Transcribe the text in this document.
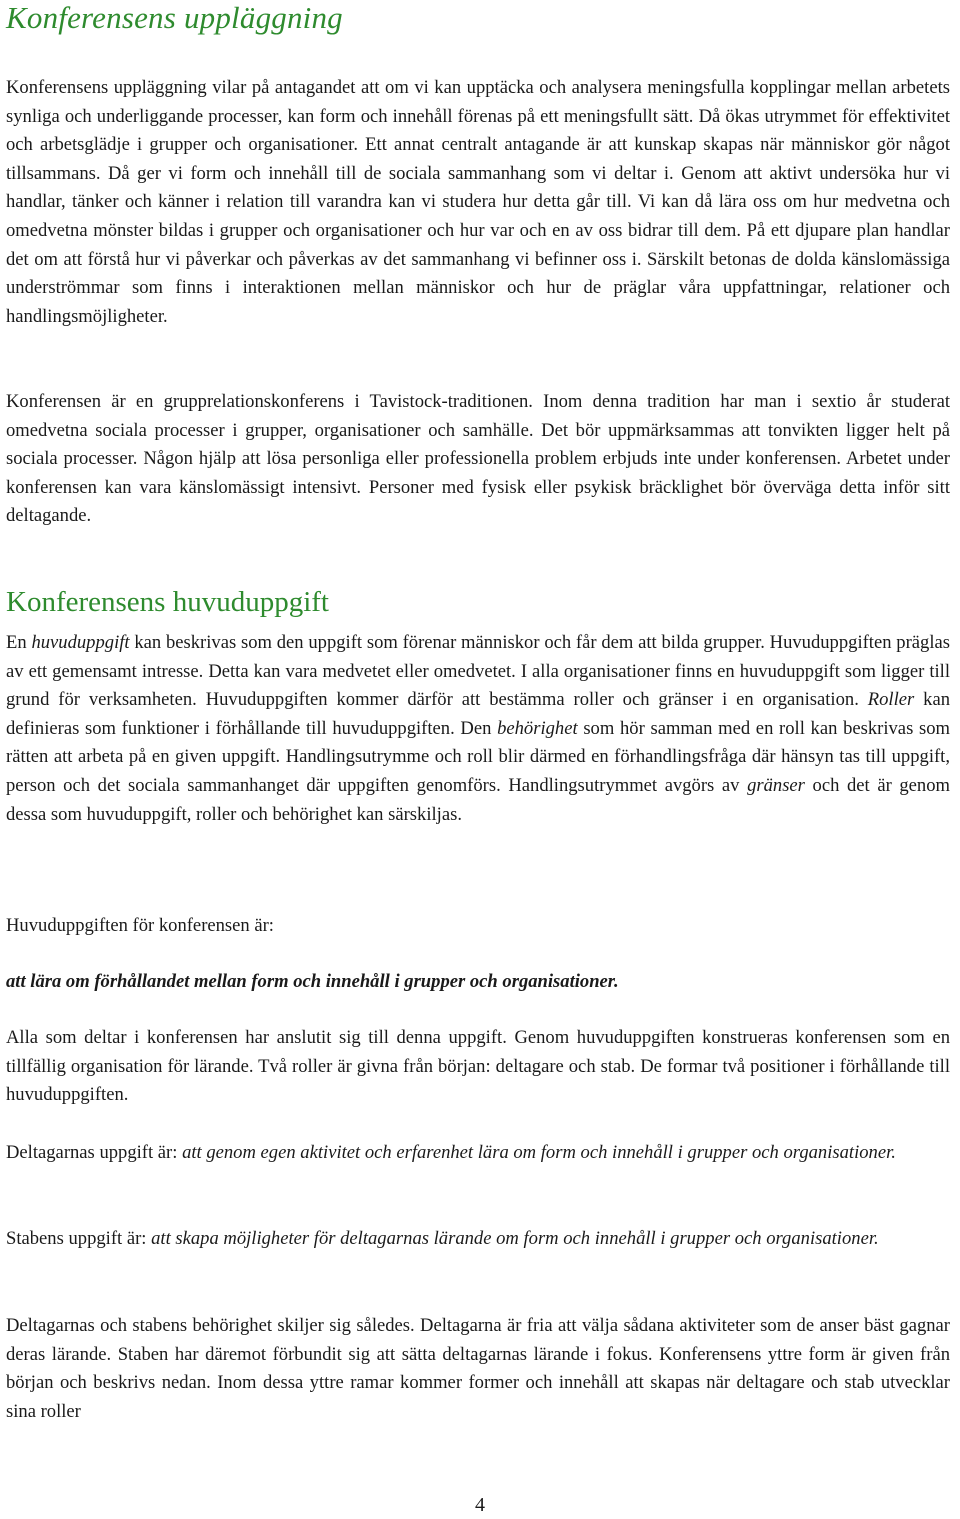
Konferensens uppläggning

Konferensens uppläggning vilar på antagandet att om vi kan upptäcka och analysera meningsfulla kopplingar mellan arbetets synliga och underliggande processer, kan form och innehåll förenas på ett meningsfullt sätt. Då ökas utrymmet för effektivitet och arbetsglädje i grupper och organisationer. Ett annat centralt antagande är att kunskap skapas när människor gör något tillsammans. Då ger vi form och innehåll till de sociala sammanhang som vi deltar i. Genom att aktivt undersöka hur vi handlar, tänker och känner i relation till varandra kan vi studera hur detta går till. Vi kan då lära oss om hur medvetna och omedvetna mönster bildas i grupper och organisationer och hur var och en av oss bidrar till dem. På ett djupare plan handlar det om att förstå hur vi påverkar och påverkas av det sammanhang vi befinner oss i. Särskilt betonas de dolda känslomässiga underströmmar som finns i interaktionen mellan människor och hur de präglar våra uppfattningar, relationer och handlingsmöjligheter.

Konferensen är en grupprelationskonferens i Tavistock-traditionen. Inom denna tradition har man i sextio år studerat omedvetna sociala processer i grupper, organisationer och samhälle. Det bör uppmärksammas att tonvikten ligger helt på sociala processer. Någon hjälp att lösa personliga eller professionella problem erbjuds inte under konferensen. Arbetet under konferensen kan vara känslomässigt intensivt. Personer med fysisk eller psykisk bräcklighet bör överväga detta inför sitt deltagande.

Konferensens huvuduppgift

En huvuduppgift kan beskrivas som den uppgift som förenar människor och får dem att bilda grupper. Huvuduppgiften präglas av ett gemensamt intresse. Detta kan vara medvetet eller omedvetet. I alla organisationer finns en huvuduppgift som ligger till grund för verksamheten. Huvuduppgiften kommer därför att bestämma roller och gränser i en organisation. Roller kan definieras som funktioner i förhållande till huvuduppgiften. Den behörighet som hör samman med en roll kan beskrivas som rätten att arbeta på en given uppgift. Handlingsutrymme och roll blir därmed en förhandlingsfråga där hänsyn tas till uppgift, person och det sociala sammanhanget där uppgiften genomförs. Handlingsutrymmet avgörs av gränser och det är genom dessa som huvuduppgift, roller och behörighet kan särskiljas.

Huvuduppgiften för konferensen är:

att lära om förhållandet mellan form och innehåll i grupper och organisationer.

Alla som deltar i konferensen har anslutit sig till denna uppgift. Genom huvuduppgiften konstrueras konferensen som en tillfällig organisation för lärande. Två roller är givna från början: deltagare och stab. De formar två positioner i förhållande till huvuduppgiften.

Deltagarnas uppgift är: att genom egen aktivitet och erfarenhet lära om form och innehåll i grupper och organisationer.

Stabens uppgift är: att skapa möjligheter för deltagarnas lärande om form och innehåll i grupper och organisationer.

Deltagarnas och stabens behörighet skiljer sig således. Deltagarna är fria att välja sådana aktiviteter som de anser bäst gagnar deras lärande. Staben har däremot förbundit sig att sätta deltagarnas lärande i fokus. Konferensens yttre form är given från början och beskrivs nedan. Inom dessa yttre ramar kommer former och innehåll att skapas när deltagare och stab utvecklar sina roller

4
